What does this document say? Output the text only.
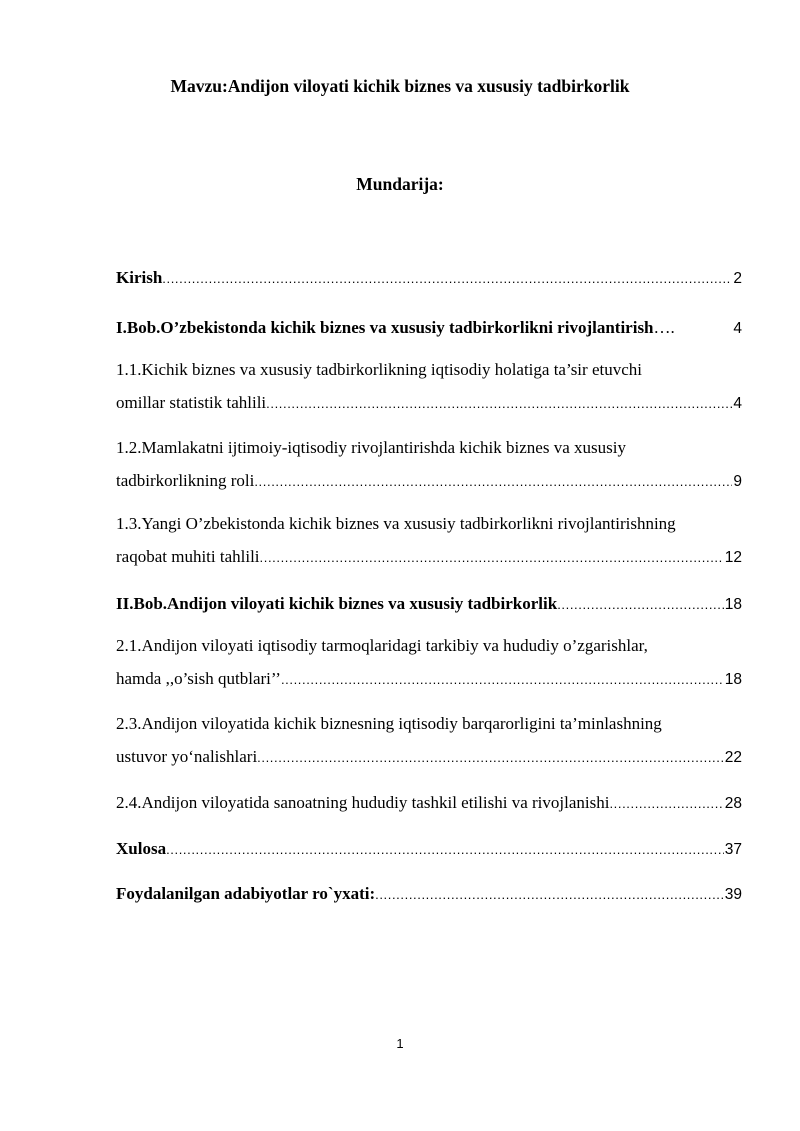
Mavzu:Andijon viloyati kichik biznes va xususiy tadbirkorlik
Mundarija:
Kirish .....	2
I.Bob.O’zbekistonda kichik biznes va xususiy tadbirkorlikni rivojlantirish ….	4
1.1.Kichik biznes va xususiy tadbirkorlikning iqtisodiy holatiga ta’sir etuvchi
omillar statistik tahlili .....	4
1.2.Mamlakatni ijtimoiy-iqtisodiy rivojlantirishda kichik biznes va xususiy
tadbirkorlikning roli .....	9
1.3.Yangi O’zbekistonda kichik biznes va xususiy tadbirkorlikni rivojlantirishning
raqobat muhiti tahlili .....	12
II.Bob.Andijon viloyati kichik biznes va xususiy tadbirkorlik .....	18
2.1.Andijon viloyati iqtisodiy tarmoqlaridagi tarkibiy va hududiy o’zgarishlar,
hamda ,,o’sish qutblari’’ .....	18
2.3.Andijon viloyatida kichik biznesning iqtisodiy barqarorligini ta’minlashning
ustuvor yo‘nalishlari .....	22
2.4.Andijon viloyatida sanoatning hududiy tashkil etilishi va rivojlanishi .....	28
Xulosa .....	37
Foydalanilgan adabiyotlar ro`yxati: .....	39
1
